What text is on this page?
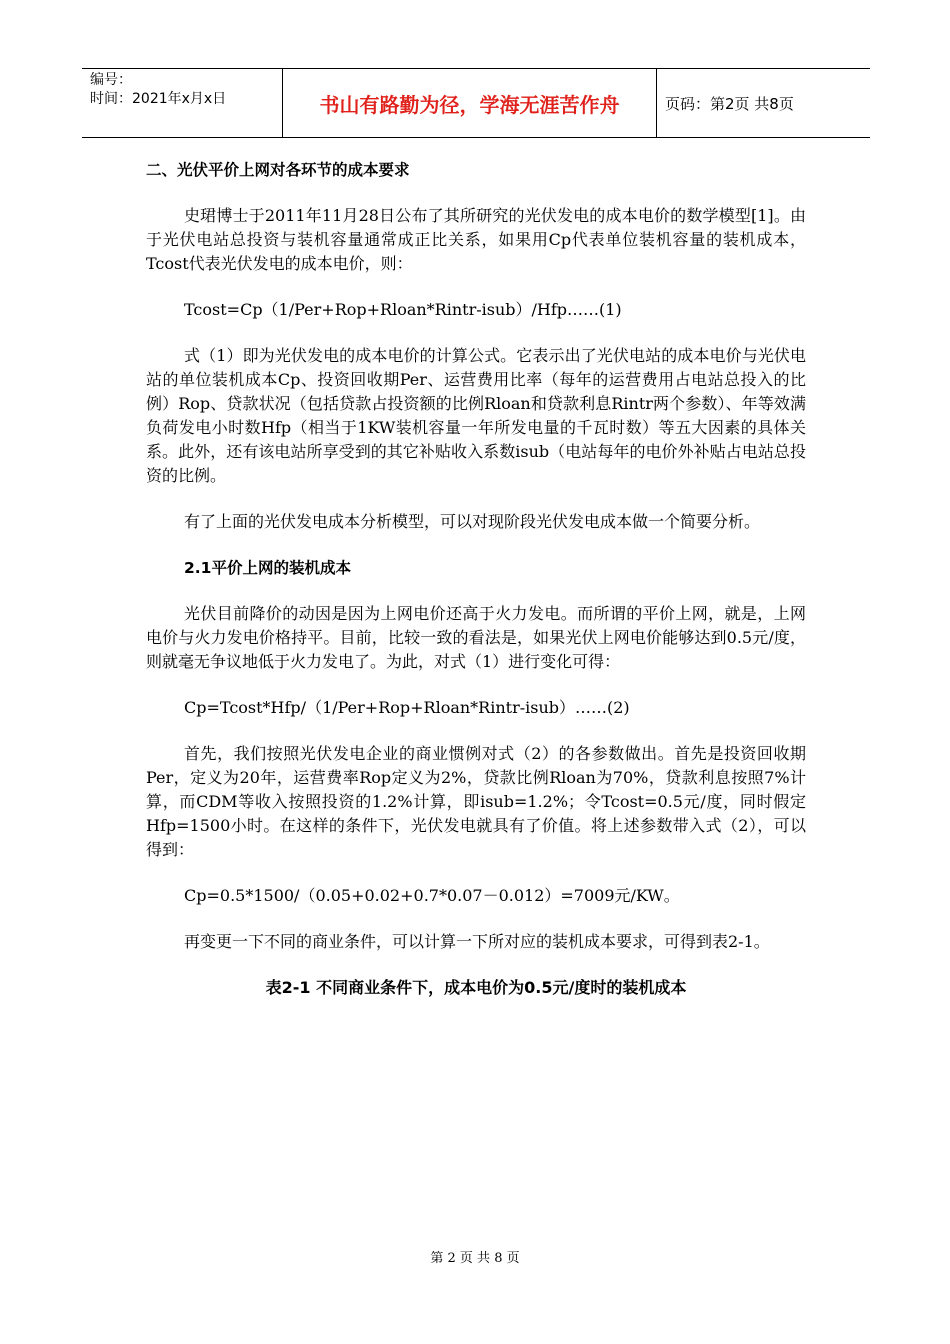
编号：
时间：2021年x月x日	书山有路勤为径，学海无涯苦作舟	页码：第2页 共8页
二、光伏平价上网对各环节的成本要求

史珺博士于2011年11月28日公布了其所研究的光伏发电的成本电价的数学模型[1]。由于光伏电站总投资与装机容量通常成正比关系，如果用Cp代表单位装机容量的装机成本，Tcost代表光伏发电的成本电价，则：

Tcost=Cp（1/Per+Rop+Rloan*Rintr-isub）/Hfp……(1)

式（1）即为光伏发电的成本电价的计算公式。它表示出了光伏电站的成本电价与光伏电站的单位装机成本Cp、投资回收期Per、运营费用比率（每年的运营费用占电站总投入的比例）Rop、贷款状况（包括贷款占投资额的比例Rloan和贷款利息Rintr两个参数）、年等效满负荷发电小时数Hfp（相当于1KW装机容量一年所发电量的千瓦时数）等五大因素的具体关系。此外，还有该电站所享受到的其它补贴收入系数isub（电站每年的电价外补贴占电站总投资的比例。

有了上面的光伏发电成本分析模型，可以对现阶段光伏发电成本做一个简要分析。

2.1平价上网的装机成本

光伏目前降价的动因是因为上网电价还高于火力发电。而所谓的平价上网，就是，上网电价与火力发电价格持平。目前，比较一致的看法是，如果光伏上网电价能够达到0.5元/度，则就毫无争议地低于火力发电了。为此，对式（1）进行变化可得：

Cp=Tcost*Hfp/（1/Per+Rop+Rloan*Rintr-isub）……(2)

首先，我们按照光伏发电企业的商业惯例对式（2）的各参数做出。首先是投资回收期Per，定义为20年，运营费率Rop定义为2%，贷款比例Rloan为70%，贷款利息按照7%计算，而CDM等收入按照投资的1.2%计算，即isub=1.2%；令Tcost=0.5元/度，同时假定Hfp=1500小时。在这样的条件下，光伏发电就具有了价值。将上述参数带入式（2），可以得到：

Cp=0.5*1500/（0.05+0.02+0.7*0.07－0.012）=7009元/KW。

再变更一下不同的商业条件，可以计算一下所对应的装机成本要求，可得到表2-1。

表2-1 不同商业条件下，成本电价为0.5元/度时的装机成本
第 2 页 共 8 页
